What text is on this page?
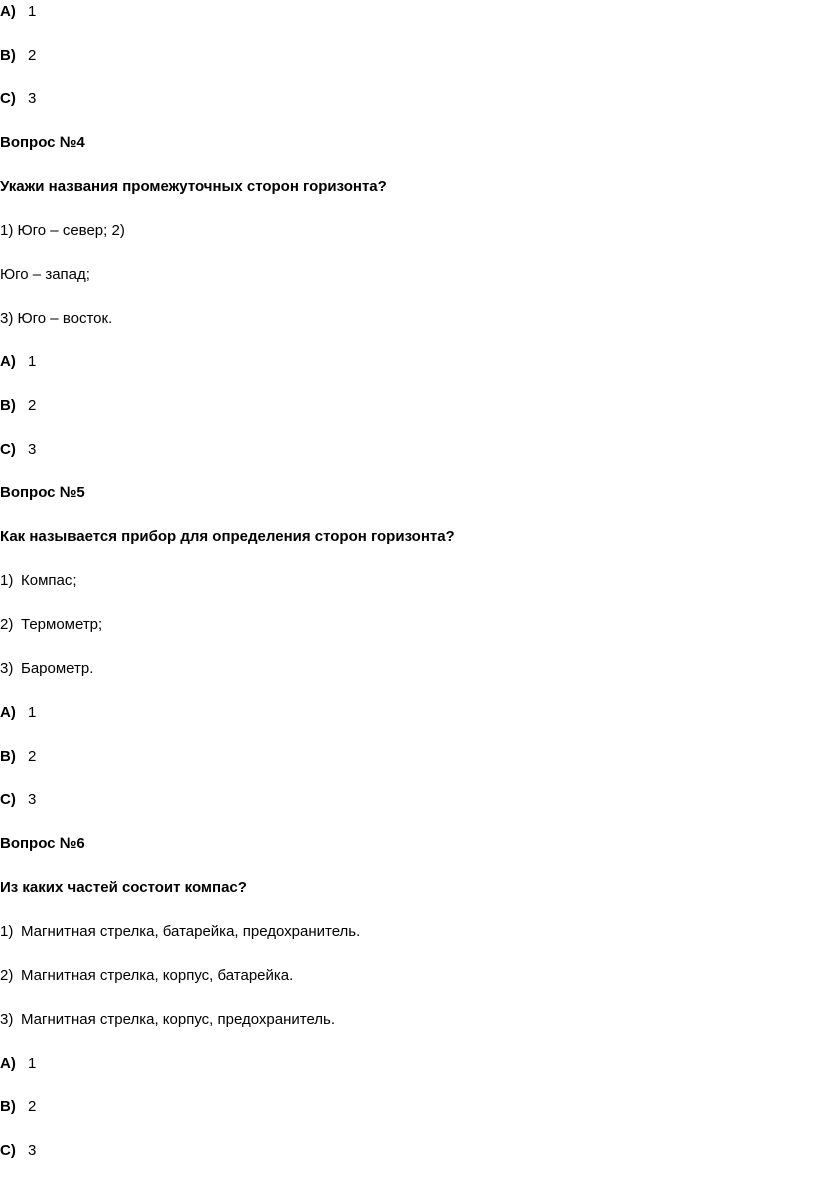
A) 1
B) 2
C) 3
Вопрос №4
Укажи названия промежуточных сторон горизонта?
1) Юго – север; 2)
Юго – запад;
3) Юго – восток.
A) 1
B) 2
C) 3
Вопрос №5
Как называется прибор для определения сторон горизонта?
1) Компас;
2) Термометр;
3) Барометр.
A) 1
B) 2
C) 3
Вопрос №6
Из каких частей состоит компас?
1) Магнитная стрелка, батарейка, предохранитель.
2) Магнитная стрелка, корпус, батарейка.
3) Магнитная стрелка, корпус, предохранитель.
A) 1
B) 2
C) 3
